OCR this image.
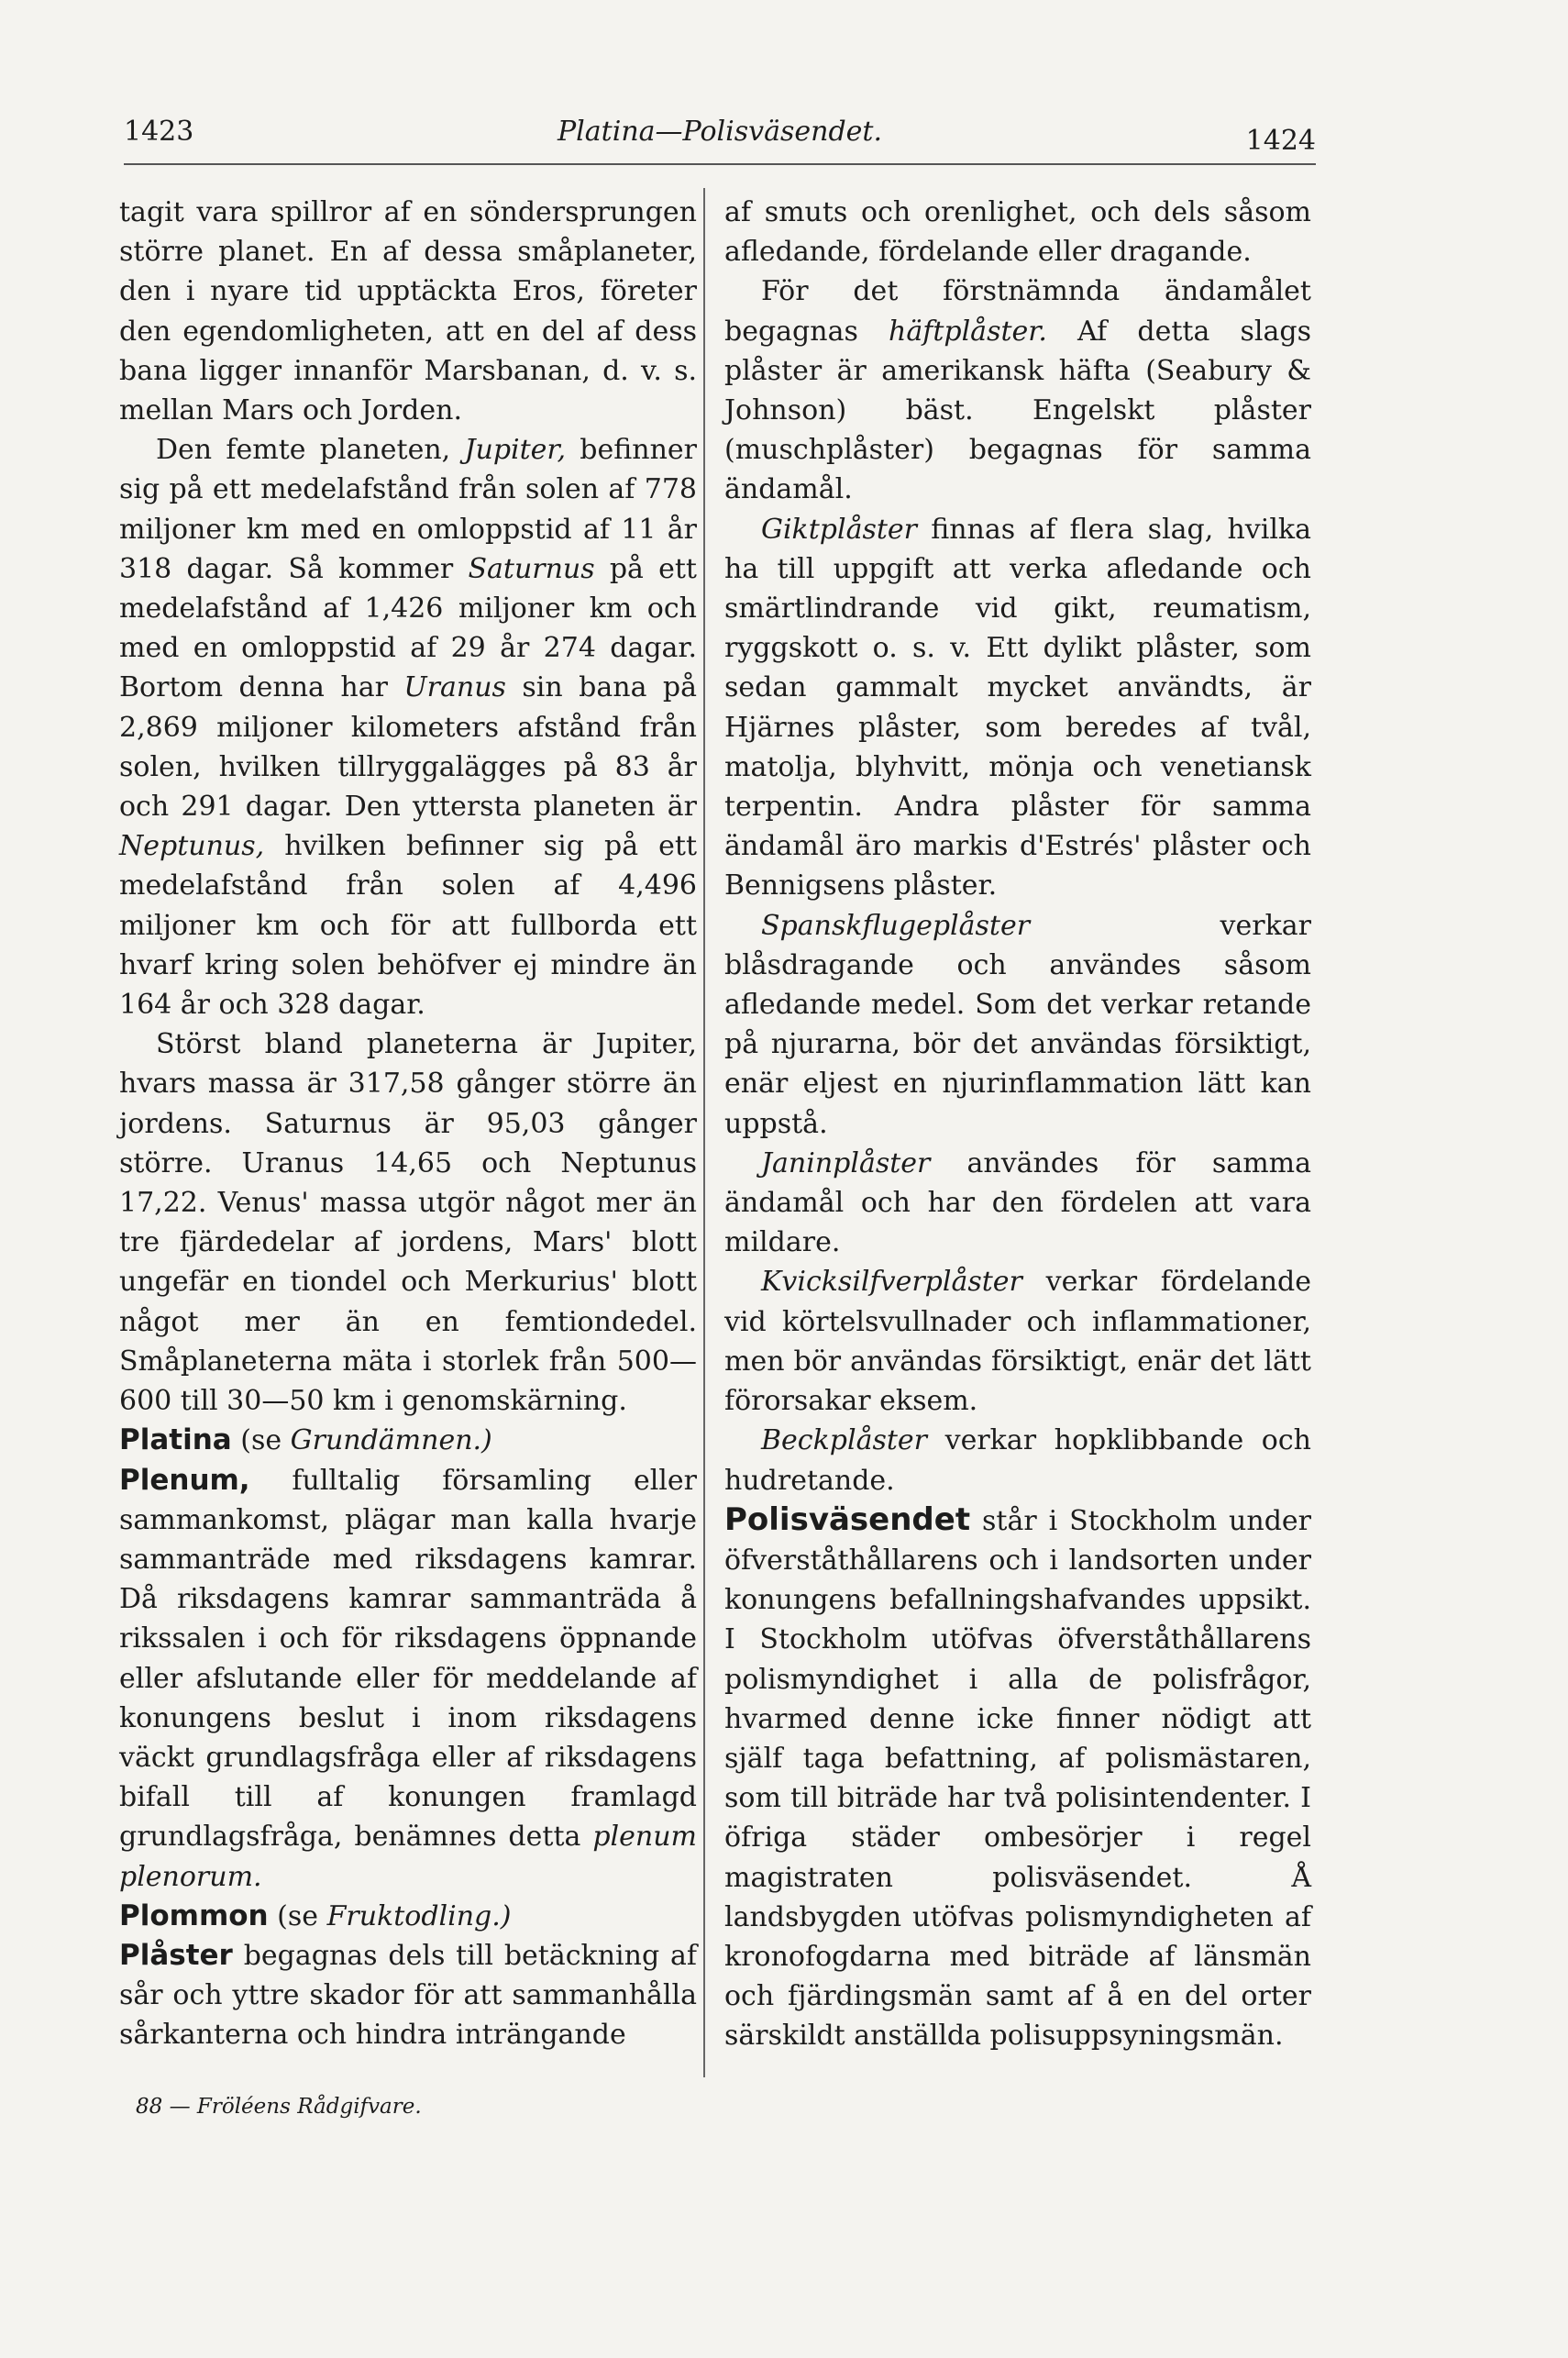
1423	Platina—Polisväsendet.	1424

tagit vara spillror af en söndersprungen större planet. En af dessa småplaneter, den i nyare tid upptäckta Eros, företer den egendomligheten, att en del af dess bana ligger innanför Marsbanan, d. v. s. mellan Mars och Jorden.

Den femte planeten, Jupiter, befinner sig på ett medelafstånd från solen af 778 miljoner km med en omloppstid af 11 år 318 dagar. Så kommer Saturnus på ett medelafstånd af 1,426 miljoner km och med en omloppstid af 29 år 274 dagar. Bortom denna har Uranus sin bana på 2,869 miljoner kilometers afstånd från solen, hvilken tillryggalägges på 83 år och 291 dagar. Den yttersta planeten är Neptunus, hvilken befinner sig på ett medelafstånd från solen af 4,496 miljoner km och för att fullborda ett hvarf kring solen behöfver ej mindre än 164 år och 328 dagar.

Störst bland planeterna är Jupiter, hvars massa är 317,58 gånger större än jordens. Saturnus är 95,03 gånger större. Uranus 14,65 och Neptunus 17,22. Venus' massa utgör något mer än tre fjärdedelar af jordens, Mars' blott ungefär en tiondel och Merkurius' blott något mer än en femtiondedel. Småplaneterna mäta i storlek från 500—600 till 30—50 km i genomskärning.

Platina (se Grundämnen.)

Plenum, fulltalig församling eller sammankomst, plägar man kalla hvarje sammanträde med riksdagens kamrar. Då riksdagens kamrar sammanträda å rikssalen i och för riksdagens öppnande eller afslutande eller för meddelande af konungens beslut i inom riksdagens väckt grundlagsfråga eller af riksdagens bifall till af konungen framlagd grundlagsfråga, benämnes detta plenum plenorum.

Plommon (se Fruktodling.)

Plåster begagnas dels till betäckning af sår och yttre skador för att sammanhålla sårkanterna och hindra inträngande

af smuts och orenlighet, och dels såsom afledande, fördelande eller dragande.

För det förstnämnda ändamålet begagnas häftplåster. Af detta slags plåster är amerikansk häfta (Seabury & Johnson) bäst. Engelskt plåster (muschplåster) begagnas för samma ändamål.

Giktplåster finnas af flera slag, hvilka ha till uppgift att verka afledande och smärtlindrande vid gikt, reumatism, ryggskott o. s. v. Ett dylikt plåster, som sedan gammalt mycket användts, är Hjärnes plåster, som beredes af tvål, matolja, blyhvitt, mönja och venetiansk terpentin. Andra plåster för samma ändamål äro markis d'Estrés' plåster och Bennigsens plåster.

Spanskflugeplåster verkar blåsdragande och användes såsom afledande medel. Som det verkar retande på njurarna, bör det användas försiktigt, enär eljest en njurinflammation lätt kan uppstå.

Janinplåster användes för samma ändamål och har den fördelen att vara mildare.

Kvicksilfverplåster verkar fördelande vid körtelsvullnader och inflammationer, men bör användas försiktigt, enär det lätt förorsakar eksem.

Beckplåster verkar hopklibbande och hudretande.

Polisväsendet står i Stockholm under öfverståthållarens och i landsorten under konungens befallningshafvandes uppsikt. I Stockholm utöfvas öfverståthållarens polismyndighet i alla de polisfrågor, hvarmed denne icke finner nödigt att själf taga befattning, af polismästaren, som till biträde har två polisintendenter. I öfriga städer ombesörjer i regel magistraten polisväsendet. Å landsbygden utöfvas polismyndigheten af kronofogdarna med biträde af länsmän och fjärdingsmän samt af å en del orter särskildt anställda polisuppsyningsmän.

88 — Fröléens Rådgifvare.
